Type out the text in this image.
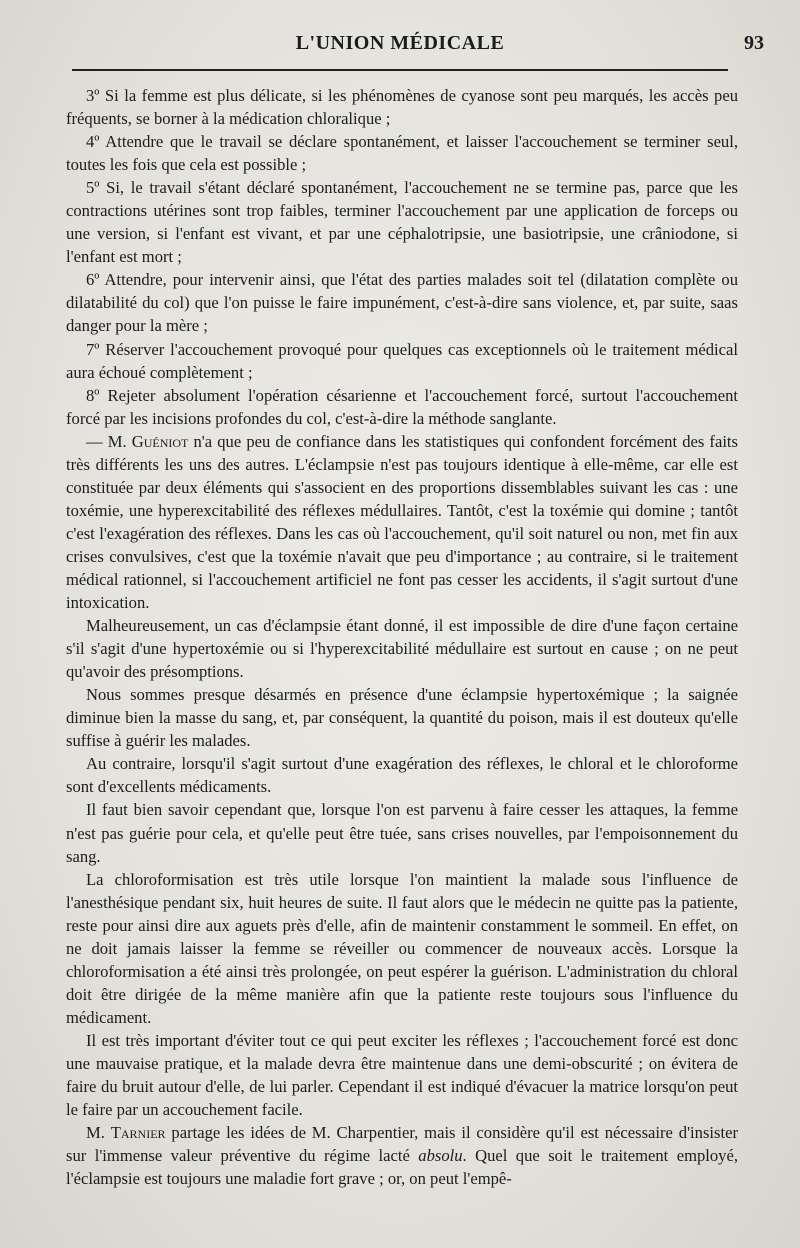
L'UNION MÉDICALE	93

3º Si la femme est plus délicate, si les phénomènes de cyanose sont peu marqués, les accès peu fréquents, se borner à la médication chloralique ;

4º Attendre que le travail se déclare spontanément, et laisser l'accouchement se terminer seul, toutes les fois que cela est possible ;

5º Si, le travail s'étant déclaré spontanément, l'accouchement ne se termine pas, parce que les contractions utérines sont trop faibles, terminer l'accouchement par une application de forceps ou une version, si l'enfant est vivant, et par une céphalotripsie, une basiotripsie, une crâniodone, si l'enfant est mort ;

6º Attendre, pour intervenir ainsi, que l'état des parties malades soit tel (dilatation complète ou dilatabilité du col) que l'on puisse le faire impunément, c'est-à-dire sans violence, et, par suite, saas danger pour la mère ;

7º Réserver l'accouchement provoqué pour quelques cas exceptionnels où le traitement médical aura échoué complètement ;

8º Rejeter absolument l'opération césarienne et l'accouchement forcé, surtout l'accouchement forcé par les incisions profondes du col, c'est-à-dire la méthode sanglante.

— M. Guéniot n'a que peu de confiance dans les statistiques qui confondent forcément des faits très différents les uns des autres. L'éclampsie n'est pas toujours identique à elle-même, car elle est constituée par deux éléments qui s'associent en des proportions dissemblables suivant les cas : une toxémie, une hyperexcitabilité des réflexes médullaires. Tantôt, c'est la toxémie qui domine ; tantôt c'est l'exagération des réflexes. Dans les cas où l'accouchement, qu'il soit naturel ou non, met fin aux crises convulsives, c'est que la toxémie n'avait que peu d'importance ; au contraire, si le traitement médical rationnel, si l'accouchement artificiel ne font pas cesser les accidents, il s'agit surtout d'une intoxication.

Malheureusement, un cas d'éclampsie étant donné, il est impossible de dire d'une façon certaine s'il s'agit d'une hypertoxémie ou si l'hyperexcitabilité médullaire est surtout en cause ; on ne peut qu'avoir des présomptions.

Nous sommes presque désarmés en présence d'une éclampsie hypertoxémique ; la saignée diminue bien la masse du sang, et, par conséquent, la quantité du poison, mais il est douteux qu'elle suffise à guérir les malades.

Au contraire, lorsqu'il s'agit surtout d'une exagération des réflexes, le chloral et le chloroforme sont d'excellents médicaments.

Il faut bien savoir cependant que, lorsque l'on est parvenu à faire cesser les attaques, la femme n'est pas guérie pour cela, et qu'elle peut être tuée, sans crises nouvelles, par l'empoisonnement du sang.

La chloroformisation est très utile lorsque l'on maintient la malade sous l'influence de l'anesthésique pendant six, huit heures de suite. Il faut alors que le médecin ne quitte pas la patiente, reste pour ainsi dire aux aguets près d'elle, afin de maintenir constamment le sommeil. En effet, on ne doit jamais laisser la femme se réveiller ou commencer de nouveaux accès. Lorsque la chloroformisation a été ainsi très prolongée, on peut espérer la guérison. L'administration du chloral doit être dirigée de la même manière afin que la patiente reste toujours sous l'influence du médicament.

Il est très important d'éviter tout ce qui peut exciter les réflexes ; l'accouchement forcé est donc une mauvaise pratique, et la malade devra être maintenue dans une demi-obscurité ; on évitera de faire du bruit autour d'elle, de lui parler. Cependant il est indiqué d'évacuer la matrice lorsqu'on peut le faire par un accouchement facile.

M. Tarnier partage les idées de M. Charpentier, mais il considère qu'il est nécessaire d'insister sur l'immense valeur préventive du régime lacté absolu. Quel que soit le traitement employé, l'éclampsie est toujours une maladie fort grave ; or, on peut l'empê-
